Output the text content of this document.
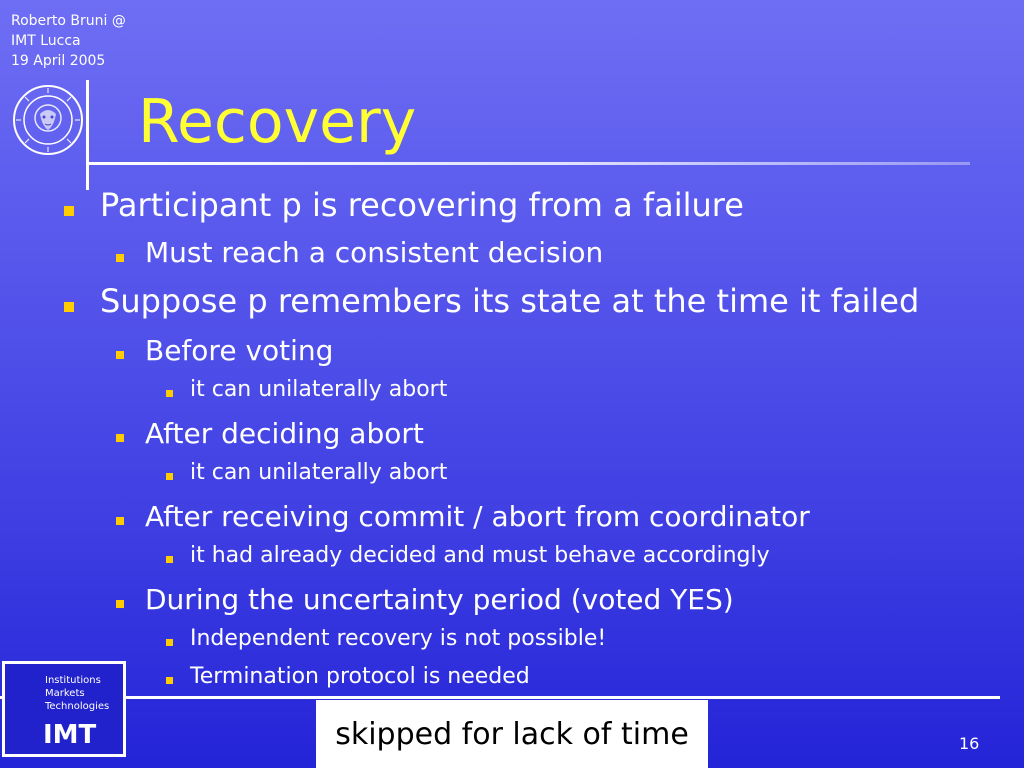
Roberto Bruni @
IMT Lucca
19 April 2005
Recovery
Participant p is recovering from a failure
Must reach a consistent decision
Suppose p remembers its state at the time it failed
Before voting
it can unilaterally abort
After deciding abort
it can unilaterally abort
After receiving commit / abort from coordinator
it had already decided and must behave accordingly
During the uncertainty period (voted YES)
Independent recovery is not possible!
Termination protocol is needed
Institutions
Markets
Technologies
IMT	skipped for lack of time	16
